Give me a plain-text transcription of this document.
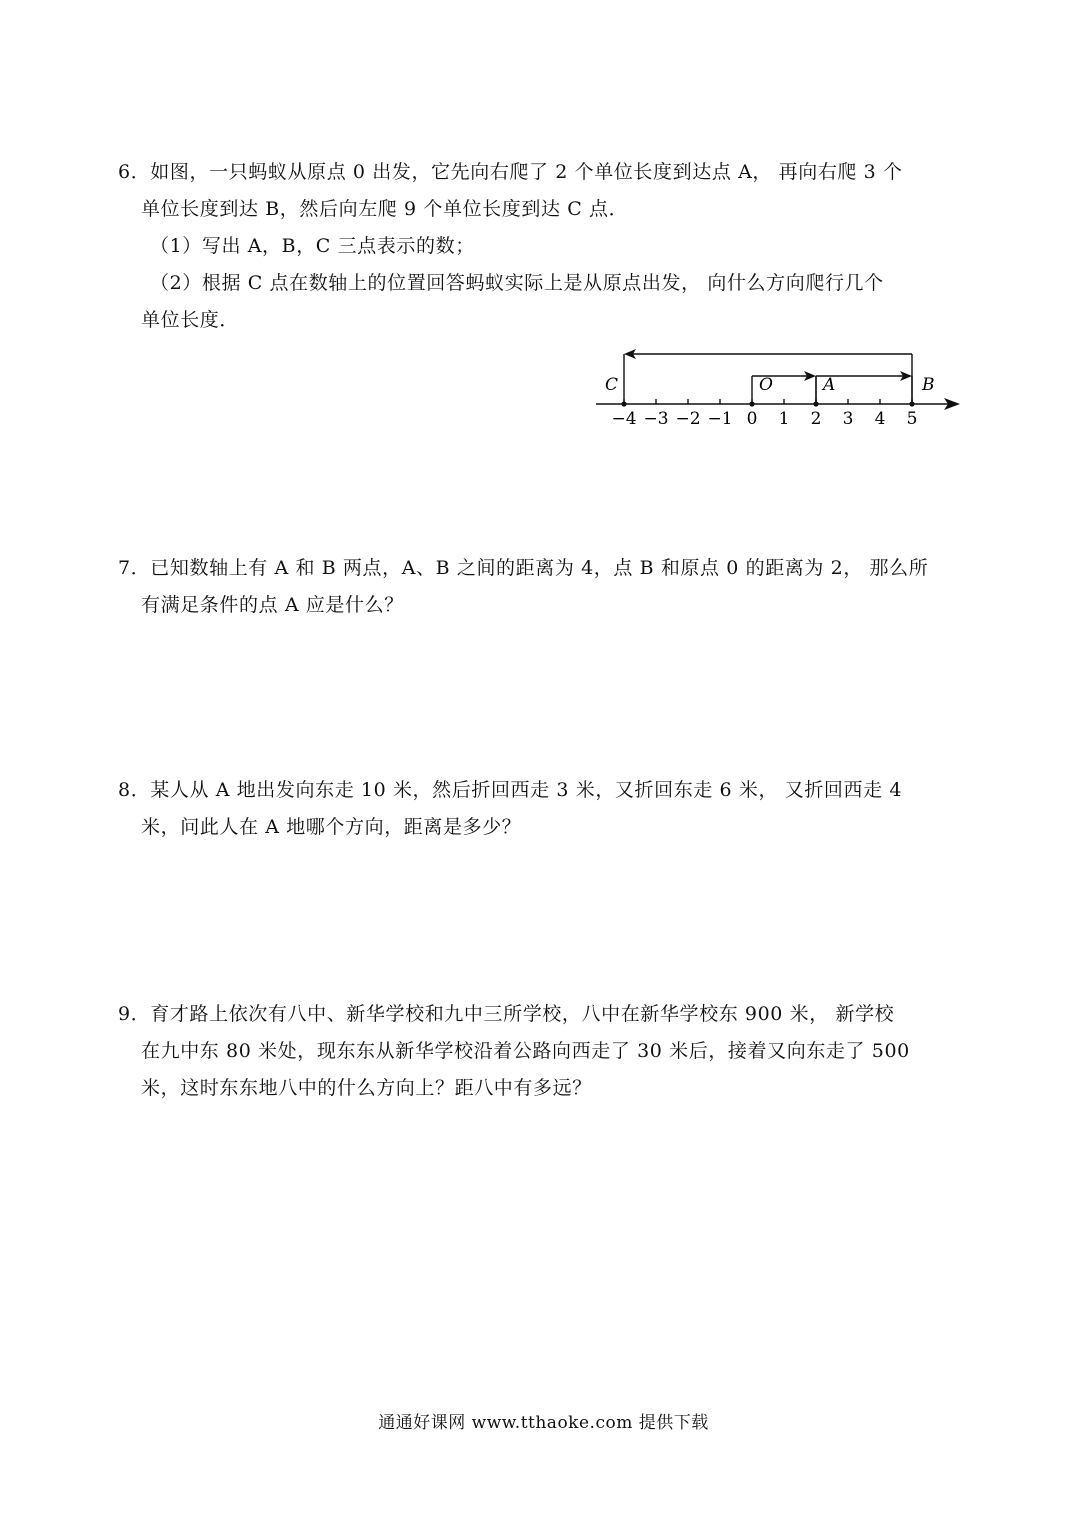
6．如图，一只蚂蚁从原点 0 出发，它先向右爬了 2 个单位长度到达点 A， 再向右爬 3 个
单位长度到达 B，然后向左爬 9 个单位长度到达 C 点．
（1）写出 A，B，C 三点表示的数；
（2）根据 C 点在数轴上的位置回答蚂蚁实际上是从原点出发， 向什么方向爬行几个
单位长度．
−4 −3 −2 −1 0 1 2 3 4 5
C	O	A	B
7．已知数轴上有 A 和 B 两点，A、B 之间的距离为 4，点 B 和原点 0 的距离为 2， 那么所
有满足条件的点 A 应是什么？
8．某人从 A 地出发向东走 10 米，然后折回西走 3 米，又折回东走 6 米， 又折回西走 4
米，问此人在 A 地哪个方向，距离是多少？
9．育才路上依次有八中、新华学校和九中三所学校，八中在新华学校东 900 米， 新学校
在九中东 80 米处，现东东从新华学校沿着公路向西走了 30 米后，接着又向东走了 500
米，这时东东地八中的什么方向上？距八中有多远？
通通好课网 www.tthaoke.com 提供下载
